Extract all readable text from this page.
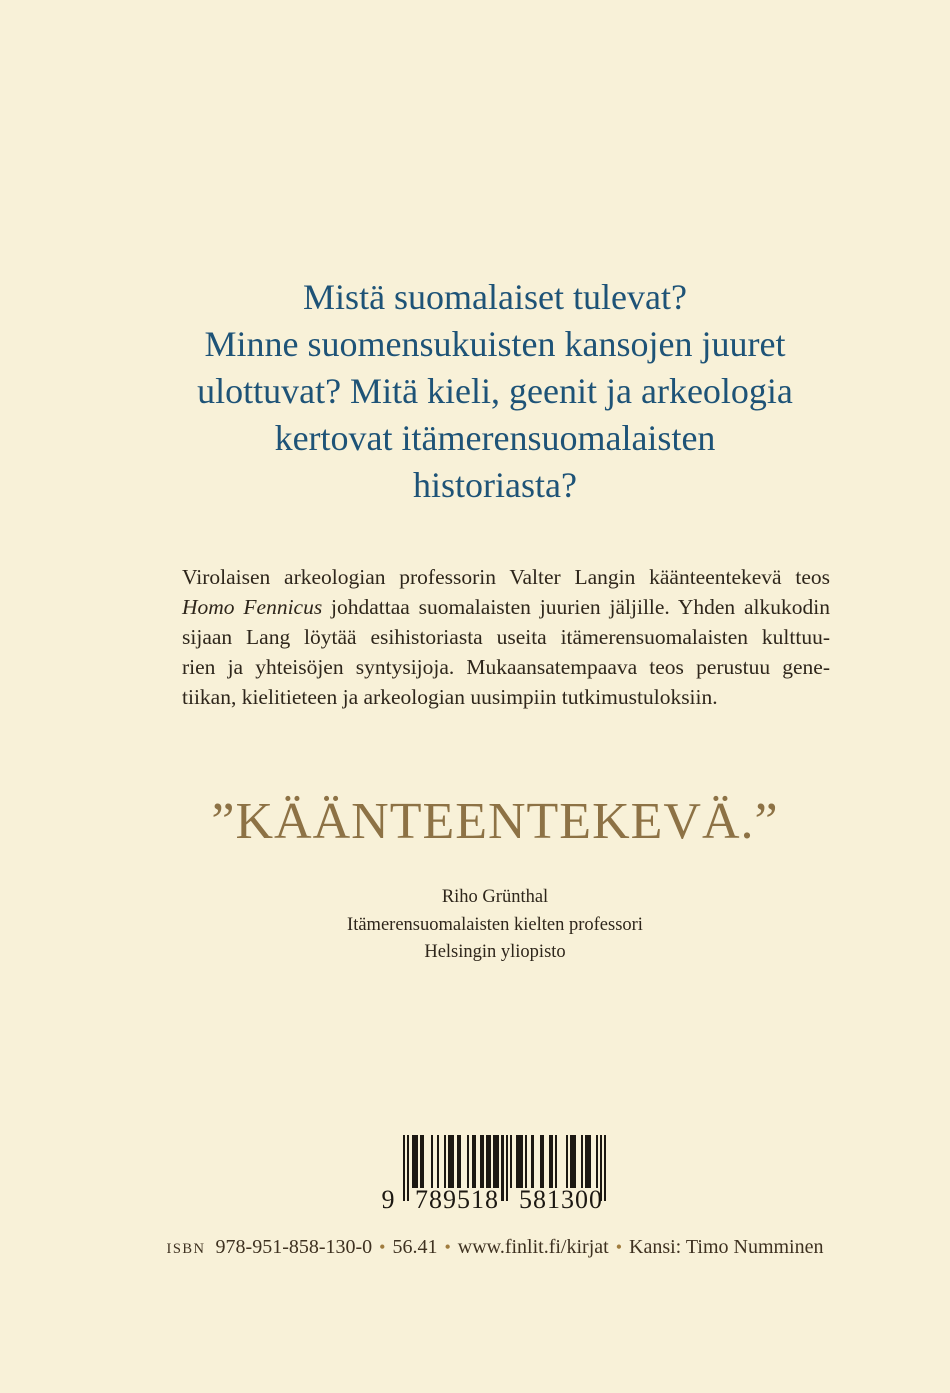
Mistä suomalaiset tulevat?
Minne suomensukuisten kansojen juuret
ulottuvat? Mitä kieli, geenit ja arkeologia
kertovat itämerensuomalaisten
historiasta?

Virolaisen arkeologian professorin Valter Langin käänteentekevä teos
Homo Fennicus johdattaa suomalaisten juurien jäljille. Yhden alkukodin
sijaan Lang löytää esihistoriasta useita itämerensuomalaisten kulttuu-
rien ja yhteisöjen syntysijoja. Mukaansatempaava teos perustuu gene-
tiikan, kielitieteen ja arkeologian uusimpiin tutkimustuloksiin.

”KÄÄNTEENTEKEVÄ.”
Riho Grünthal
Itämerensuomalaisten kielten professori
Helsingin yliopisto
9 789518 581300
ISBN 978-951-858-130-0 • 56.41 • www.finlit.fi/kirjat • Kansi: Timo Numminen
